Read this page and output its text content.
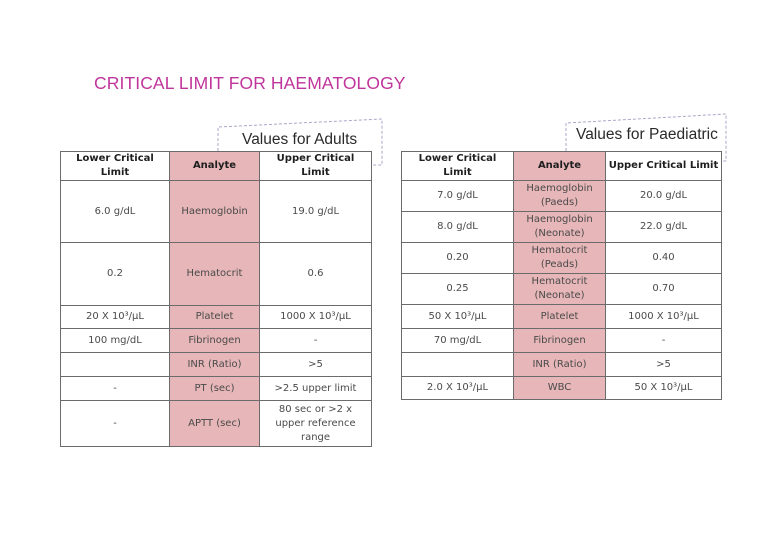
CRITICAL LIMIT FOR HAEMATOLOGY
Values for Adults	Values for Paediatric
Lower Critical Limit	Analyte	Upper Critical Limit
6.0 g/dL	Haemoglobin	19.0 g/dL
0.2	Hematocrit	0.6
20 X 10³/µL	Platelet	1000 X 10³/µL
100 mg/dL	Fibrinogen	-
	INR (Ratio)	>5
-	PT (sec)	>2.5 upper limit
-	APTT (sec)	80 sec or >2 x upper reference range
Lower Critical Limit	Analyte	Upper Critical Limit
7.0 g/dL	Haemoglobin (Paeds)	20.0 g/dL
8.0 g/dL	Haemoglobin (Neonate)	22.0 g/dL
0.20	Hematocrit (Peads)	0.40
0.25	Hematocrit (Neonate)	0.70
50 X 10³/µL	Platelet	1000 X 10³/µL
70 mg/dL	Fibrinogen	-
	INR (Ratio)	>5
2.0 X 10³/µL	WBC	50 X 10³/µL
